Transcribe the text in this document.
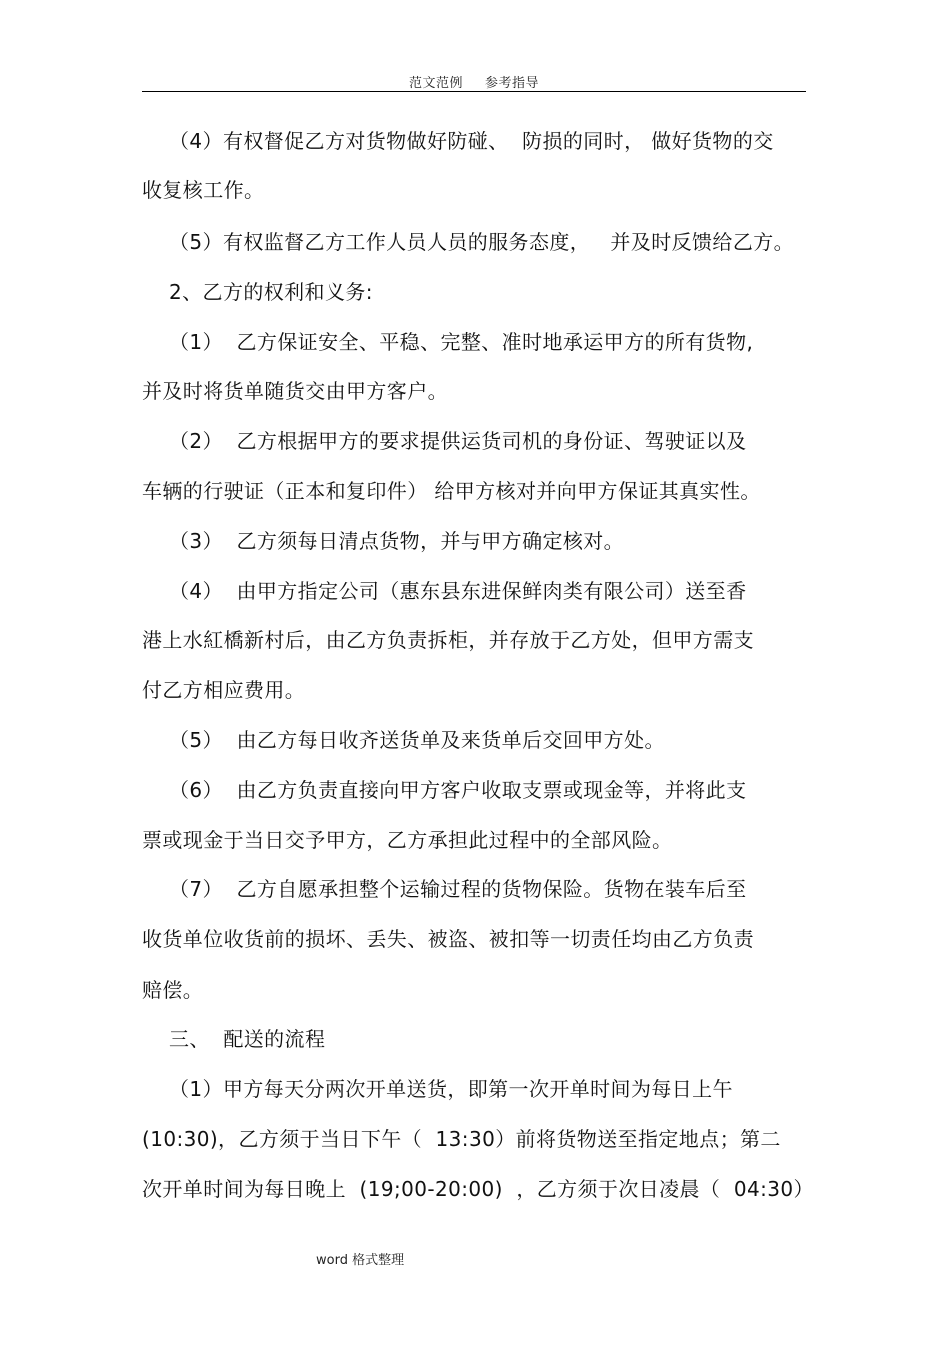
范文范例 参考指导
（4）有权督促乙方对货物做好防碰、  防损的同时， 做好货物的交
收复核工作。
（5）有权监督乙方工作人员人员的服务态度，   并及时反馈给乙方。
2、乙方的权利和义务:
（1）  乙方保证安全、平稳、完整、准时地承运甲方的所有货物,
并及时将货单随货交由甲方客户。
（2）  乙方根据甲方的要求提供运货司机的身份证、驾驶证以及
车辆的行驶证（正本和复印件） 给甲方核对并向甲方保证其真实性。
（3）  乙方须每日清点货物，并与甲方确定核对。
（4）  由甲方指定公司（惠东县东进保鲜肉类有限公司）送至香
港上水紅橋新村后，由乙方负责拆柜，并存放于乙方处，但甲方需支
付乙方相应费用。
（5）  由乙方每日收齐送货单及来货单后交回甲方处。
（6）  由乙方负责直接向甲方客户收取支票或现金等，并将此支
票或现金于当日交予甲方，乙方承担此过程中的全部风险。
（7）  乙方自愿承担整个运输过程的货物保险。货物在装车后至
收货单位收货前的损坏、丢失、被盗、被扣等一切责任均由乙方负责
赔偿。
三、  配送的流程
（1）甲方每天分两次开单送货，即第一次开单时间为每日上午
(10:30)，乙方须于当日下午（  13:30）前将货物送至指定地点；第二
次开单时间为每日晚上  (19;00-20:00)  ，乙方须于次日凌晨（  04:30）
word 格式整理
